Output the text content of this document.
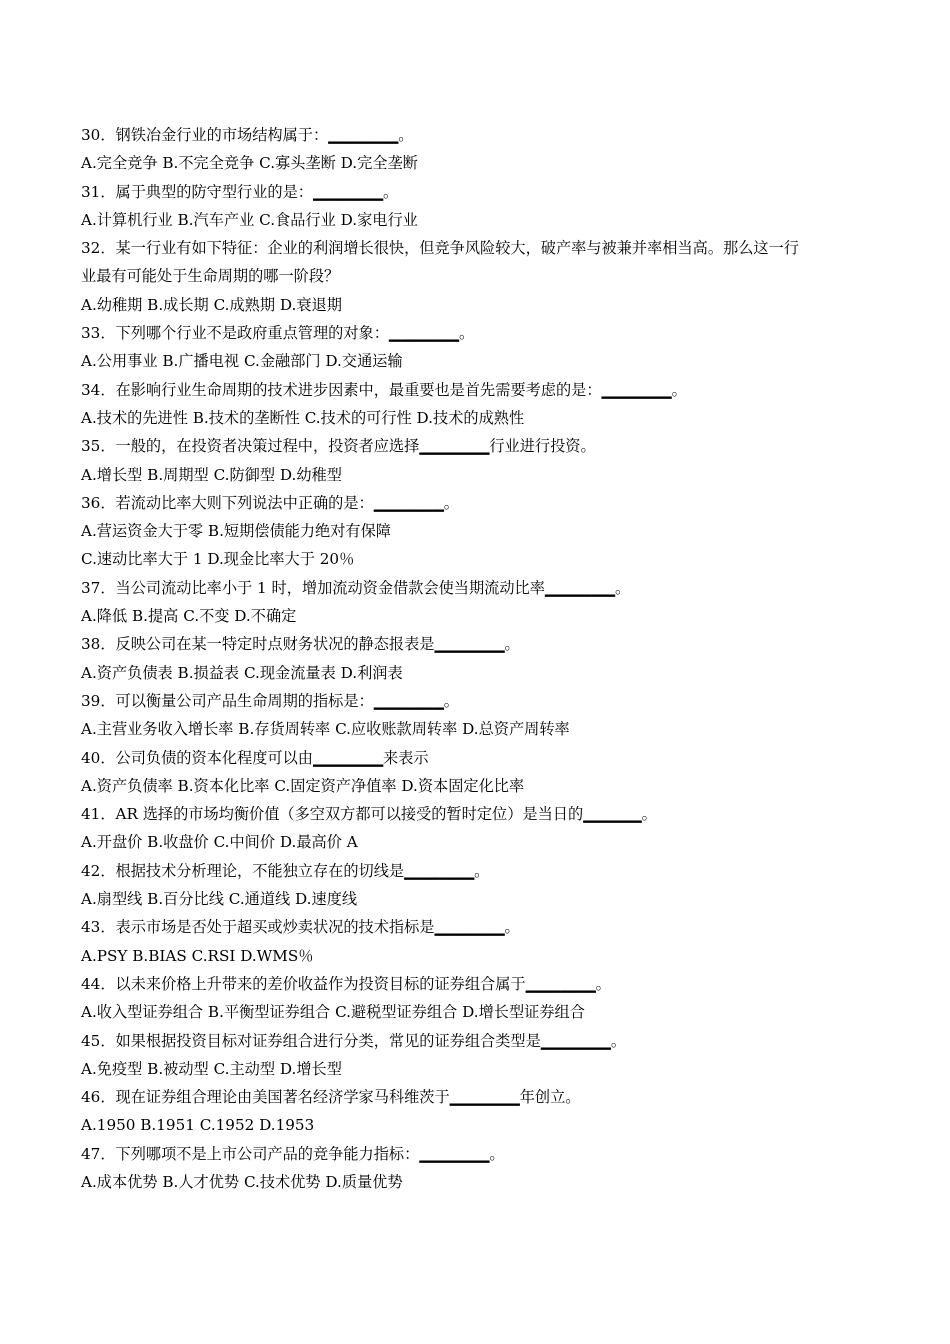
30．钢铁冶金行业的市场结构属于：▁▁▁▁▁▁。
A.完全竞争 B.不完全竞争 C.寡头垄断 D.完全垄断
31．属于典型的防守型行业的是：▁▁▁▁▁▁。
A.计算机行业 B.汽车产业 C.食品行业 D.家电行业
32．某一行业有如下特征：企业的利润增长很快，但竞争风险较大，破产率与被兼并率相当高。那么这一行
业最有可能处于生命周期的哪一阶段？
A.幼稚期 B.成长期 C.成熟期 D.衰退期
33．下列哪个行业不是政府重点管理的对象：▁▁▁▁▁▁。
A.公用事业 B.广播电视 C.金融部门 D.交通运输
34．在影响行业生命周期的技术进步因素中，最重要也是首先需要考虑的是：▁▁▁▁▁▁。
A.技术的先进性 B.技术的垄断性 C.技术的可行性 D.技术的成熟性
35．一般的，在投资者决策过程中，投资者应选择▁▁▁▁▁▁行业进行投资。
A.增长型 B.周期型 C.防御型 D.幼稚型
36．若流动比率大则下列说法中正确的是：▁▁▁▁▁▁。
A.营运资金大于零 B.短期偿债能力绝对有保障
C.速动比率大于 1 D.现金比率大于 20％
37．当公司流动比率小于 1 时，增加流动资金借款会使当期流动比率▁▁▁▁▁▁。
A.降低 B.提高 C.不变 D.不确定
38．反映公司在某一特定时点财务状况的静态报表是▁▁▁▁▁▁。
A.资产负债表 B.损益表 C.现金流量表 D.利润表
39．可以衡量公司产品生命周期的指标是：▁▁▁▁▁▁。
A.主营业务收入增长率 B.存货周转率 C.应收账款周转率 D.总资产周转率
40．公司负债的资本化程度可以由▁▁▁▁▁▁来表示
A.资产负债率 B.资本化比率 C.固定资产净值率 D.资本固定化比率
41．AR 选择的市场均衡价值（多空双方都可以接受的暂时定位）是当日的▁▁▁▁▁。
A.开盘价 B.收盘价 C.中间价 D.最高价 A
42．根据技术分析理论，不能独立存在的切线是▁▁▁▁▁▁。
A.扇型线 B.百分比线 C.通道线 D.速度线
43．表示市场是否处于超买或炒卖状况的技术指标是▁▁▁▁▁▁。
A.PSY B.BIAS C.RSI D.WMS％
44．以未来价格上升带来的差价收益作为投资目标的证券组合属于▁▁▁▁▁▁。
A.收入型证券组合 B.平衡型证券组合 C.避税型证券组合 D.增长型证券组合
45．如果根据投资目标对证券组合进行分类，常见的证券组合类型是▁▁▁▁▁▁。
A.免疫型 B.被动型 C.主动型 D.增长型
46．现在证券组合理论由美国著名经济学家马科维茨于▁▁▁▁▁▁年创立。
A.1950 B.1951 C.1952 D.1953
47．下列哪项不是上市公司产品的竞争能力指标：▁▁▁▁▁▁。
A.成本优势 B.人才优势 C.技术优势 D.质量优势
